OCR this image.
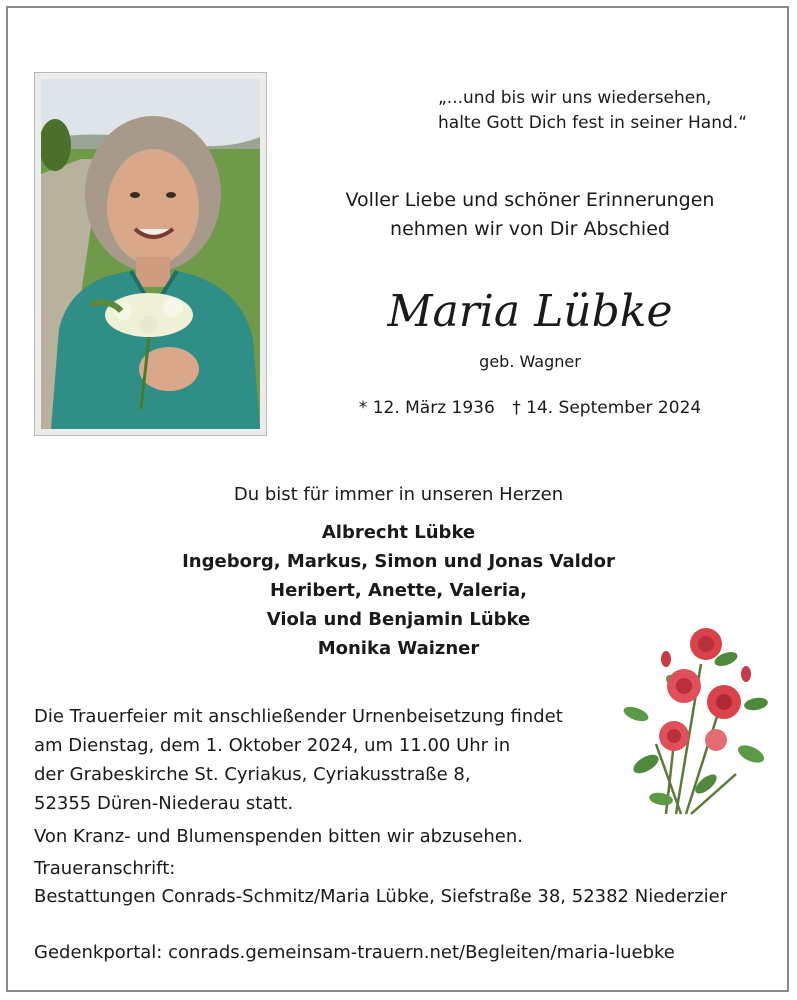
„...und bis wir uns wiedersehen,
halte Gott Dich fest in seiner Hand.“
Voller Liebe und schöner Erinnerungen
nehmen wir von Dir Abschied
Maria Lübke
geb. Wagner
* 12. März 1936 † 14. September 2024
Du bist für immer in unseren Herzen
Albrecht Lübke
Ingeborg, Markus, Simon und Jonas Valdor
Heribert, Anette, Valeria,
Viola und Benjamin Lübke
Monika Waizner
Die Trauerfeier mit anschließender Urnenbeisetzung findet
am Dienstag, dem 1. Oktober 2024, um 11.00 Uhr in
der Grabeskirche St. Cyriakus, Cyriakusstraße 8,
52355 Düren-Niederau statt.
Von Kranz- und Blumenspenden bitten wir abzusehen.
Traueranschrift:
Bestattungen Conrads-Schmitz/Maria Lübke, Siefstraße 38, 52382 Niederzier
Gedenkportal: conrads.gemeinsam-trauern.net/Begleiten/maria-luebke
